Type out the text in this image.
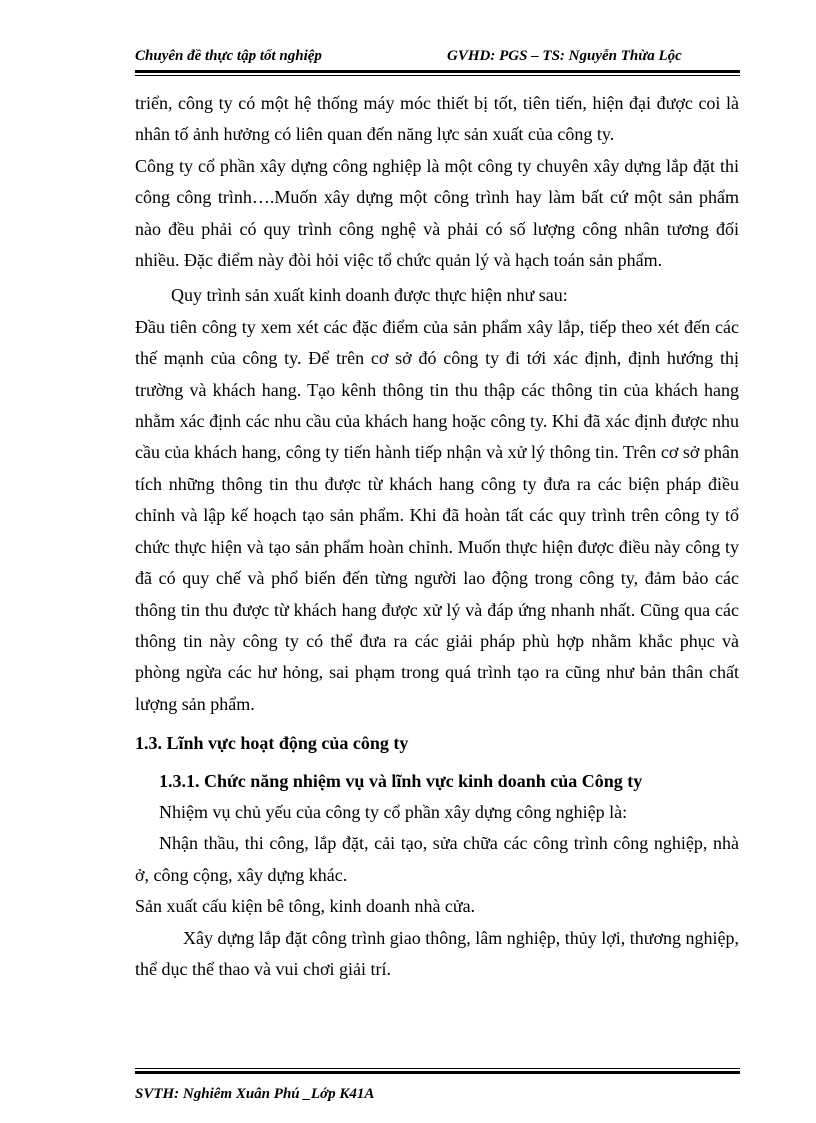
Chuyên đề thực tập tốt nghiệp	GVHD: PGS – TS: Nguyễn Thừa Lộc

triển, công ty có một hệ thống máy móc thiết bị tốt, tiên tiến, hiện đại được coi là nhân tố ảnh hưởng có liên quan đến năng lực sản xuất của công ty.

Công ty cổ phần xây dựng công nghiệp là một công ty chuyên xây dựng lắp đặt thi công công trình….Muốn xây dựng một công trình hay làm bất cứ một sản phẩm nào đều phải có quy trình công nghệ và phải có số lượng công nhân tương đối nhiều. Đặc điểm này đòi hỏi việc tổ chức quản lý và hạch toán sản phẩm.

Quy trình sản xuất kinh doanh được thực hiện như sau:

Đầu tiên công ty xem xét các đặc điểm của sản phẩm xây lắp, tiếp theo xét đến các thế mạnh của công ty. Để trên cơ sở đó công ty đi tới xác định, định hướng thị trường và khách hang. Tạo kênh thông tin thu thập các thông tin của khách hang nhằm xác định các nhu cầu của khách hang hoặc công ty. Khi đã xác định được nhu cầu của khách hang, công ty tiến hành tiếp nhận và xử lý thông tin. Trên cơ sở phân tích những thông tin thu được từ khách hang công ty đưa ra các biện pháp điều chỉnh và lập kế hoạch tạo sản phẩm. Khi đã hoàn tất các quy trình trên công ty tổ chức thực hiện và tạo sản phẩm hoàn chỉnh. Muốn thực hiện được điều này công ty đã có quy chế và phổ biến đến từng người lao động trong công ty, đảm bảo các thông tin thu được từ khách hang được xử lý và đáp ứng nhanh nhất. Cũng qua các thông tin này công ty có thể đưa ra các giải pháp phù hợp nhằm khắc phục và phòng ngừa các hư hỏng, sai phạm trong quá trình tạo ra cũng như bản thân chất lượng sản phẩm.

1.3. Lĩnh vực hoạt động của công ty

1.3.1. Chức năng nhiệm vụ và lĩnh vực kinh doanh của Công ty

Nhiệm vụ chủ yếu của công ty cổ phần xây dựng công nghiệp là:

Nhận thầu, thi công, lắp đặt, cải tạo, sửa chữa các công trình công nghiệp, nhà ở, công cộng, xây dựng khác.

Sản xuất cấu kiện bê tông, kinh doanh nhà cửa.

Xây dựng lắp đặt công trình giao thông, lâm nghiệp, thủy lợi, thương nghiệp, thể dục thể thao và vui chơi giải trí.

SVTH: Nghiêm Xuân Phú _Lớp K41A
